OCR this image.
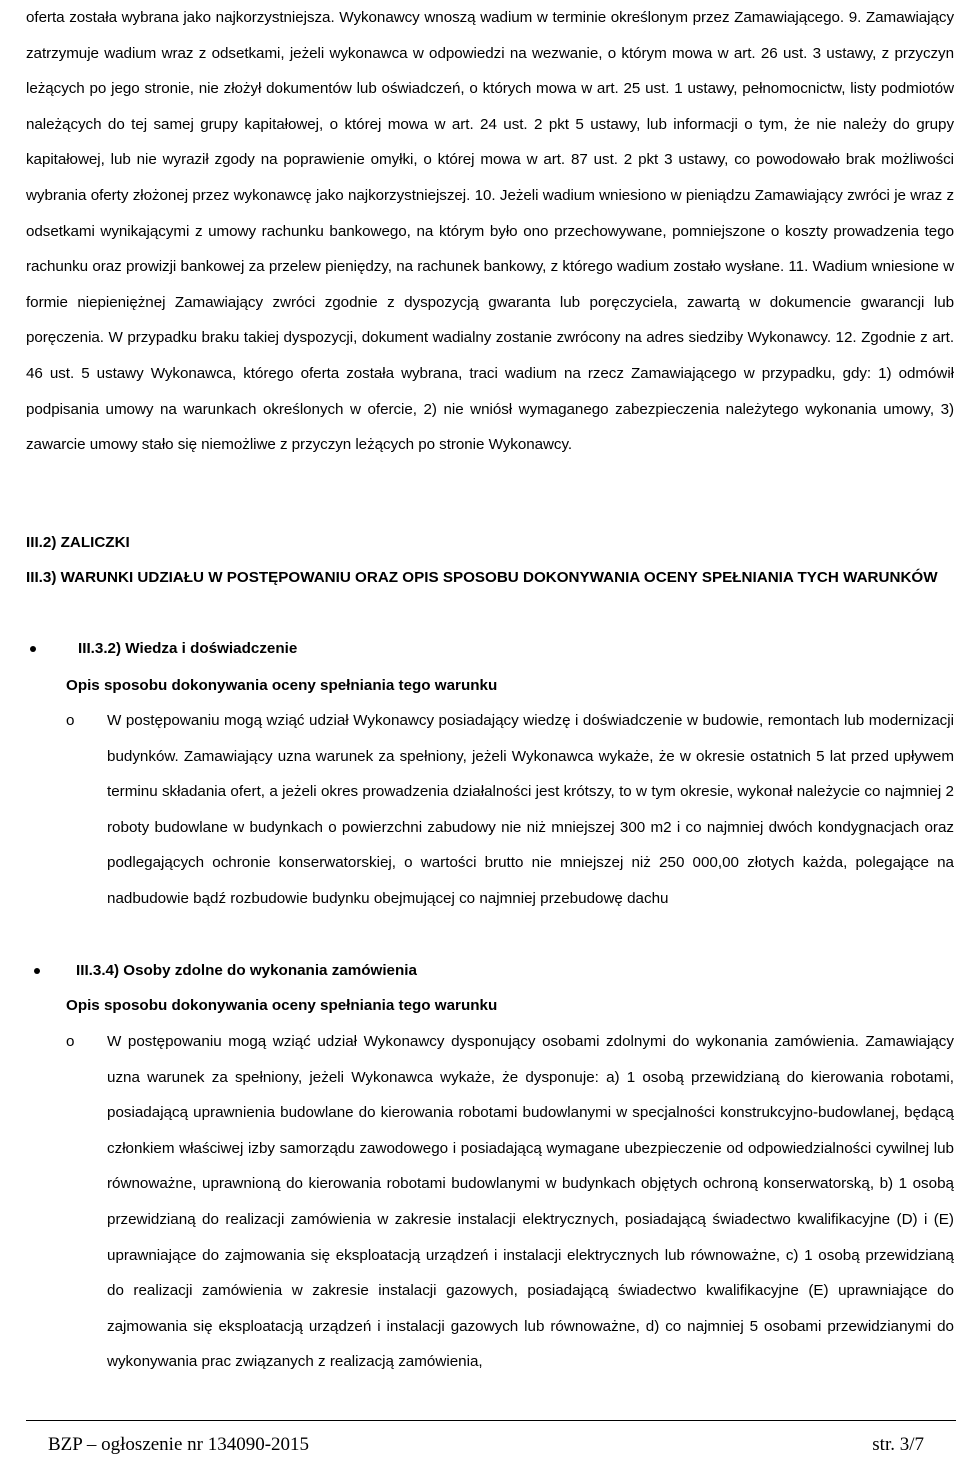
oferta została wybrana jako najkorzystniejsza. Wykonawcy wnoszą wadium w terminie określonym przez Zamawiającego. 9. Zamawiający zatrzymuje wadium wraz z odsetkami, jeżeli wykonawca w odpowiedzi na wezwanie, o którym mowa w art. 26 ust. 3 ustawy, z przyczyn leżących po jego stronie, nie złożył dokumentów lub oświadczeń, o których mowa w art. 25 ust. 1 ustawy, pełnomocnictw, listy podmiotów należących do tej samej grupy kapitałowej, o której mowa w art. 24 ust. 2 pkt 5 ustawy, lub informacji o tym, że nie należy do grupy kapitałowej, lub nie wyraził zgody na poprawienie omyłki, o której mowa w art. 87 ust. 2 pkt 3 ustawy, co powodowało brak możliwości wybrania oferty złożonej przez wykonawcę jako najkorzystniejszej. 10. Jeżeli wadium wniesiono w pieniądzu Zamawiający zwróci je wraz z odsetkami wynikającymi z umowy rachunku bankowego, na którym było ono przechowywane, pomniejszone o koszty prowadzenia tego rachunku oraz prowizji bankowej za przelew pieniędzy, na rachunek bankowy, z którego wadium zostało wysłane. 11. Wadium wniesione w formie niepieniężnej Zamawiający zwróci zgodnie z dyspozycją gwaranta lub poręczyciela, zawartą w dokumencie gwarancji lub poręczenia. W przypadku braku takiej dyspozycji, dokument wadialny zostanie zwrócony na adres siedziby Wykonawcy. 12. Zgodnie z art. 46 ust. 5 ustawy Wykonawca, którego oferta została wybrana, traci wadium na rzecz Zamawiającego w przypadku, gdy: 1) odmówił podpisania umowy na warunkach określonych w ofercie, 2) nie wniósł wymaganego zabezpieczenia należytego wykonania umowy, 3) zawarcie umowy stało się niemożliwe z przyczyn leżących po stronie Wykonawcy.

III.2) ZALICZKI

III.3) WARUNKI UDZIAŁU W POSTĘPOWANIU ORAZ OPIS SPOSOBU DOKONYWANIA OCENY SPEŁNIANIA TYCH WARUNKÓW

III.3.2) Wiedza i doświadczenie

Opis sposobu dokonywania oceny spełniania tego warunku

o W postępowaniu mogą wziąć udział Wykonawcy posiadający wiedzę i doświadczenie w budowie, remontach lub modernizacji budynków. Zamawiający uzna warunek za spełniony, jeżeli Wykonawca wykaże, że w okresie ostatnich 5 lat przed upływem terminu składania ofert, a jeżeli okres prowadzenia działalności jest krótszy, to w tym okresie, wykonał należycie co najmniej 2 roboty budowlane w budynkach o powierzchni zabudowy nie niż mniejszej 300 m2 i co najmniej dwóch kondygnacjach oraz podlegających ochronie konserwatorskiej, o wartości brutto nie mniejszej niż 250 000,00 złotych każda, polegające na nadbudowie bądź rozbudowie budynku obejmującej co najmniej przebudowę dachu

III.3.4) Osoby zdolne do wykonania zamówienia

Opis sposobu dokonywania oceny spełniania tego warunku

o W postępowaniu mogą wziąć udział Wykonawcy dysponujący osobami zdolnymi do wykonania zamówienia. Zamawiający uzna warunek za spełniony, jeżeli Wykonawca wykaże, że dysponuje: a) 1 osobą przewidzianą do kierowania robotami, posiadającą uprawnienia budowlane do kierowania robotami budowlanymi w specjalności konstrukcyjno-budowlanej, będącą członkiem właściwej izby samorządu zawodowego i posiadającą wymagane ubezpieczenie od odpowiedzialności cywilnej lub równoważne, uprawnioną do kierowania robotami budowlanymi w budynkach objętych ochroną konserwatorską, b) 1 osobą przewidzianą do realizacji zamówienia w zakresie instalacji elektrycznych, posiadającą świadectwo kwalifikacyjne (D) i (E) uprawniające do zajmowania się eksploatacją urządzeń i instalacji elektrycznych lub równoważne, c) 1 osobą przewidzianą do realizacji zamówienia w zakresie instalacji gazowych, posiadającą świadectwo kwalifikacyjne (E) uprawniające do zajmowania się eksploatacją urządzeń i instalacji gazowych lub równoważne, d) co najmniej 5 osobami przewidzianymi do wykonywania prac związanych z realizacją zamówienia,

BZP – ogłoszenie nr 134090-2015	str. 3/7
